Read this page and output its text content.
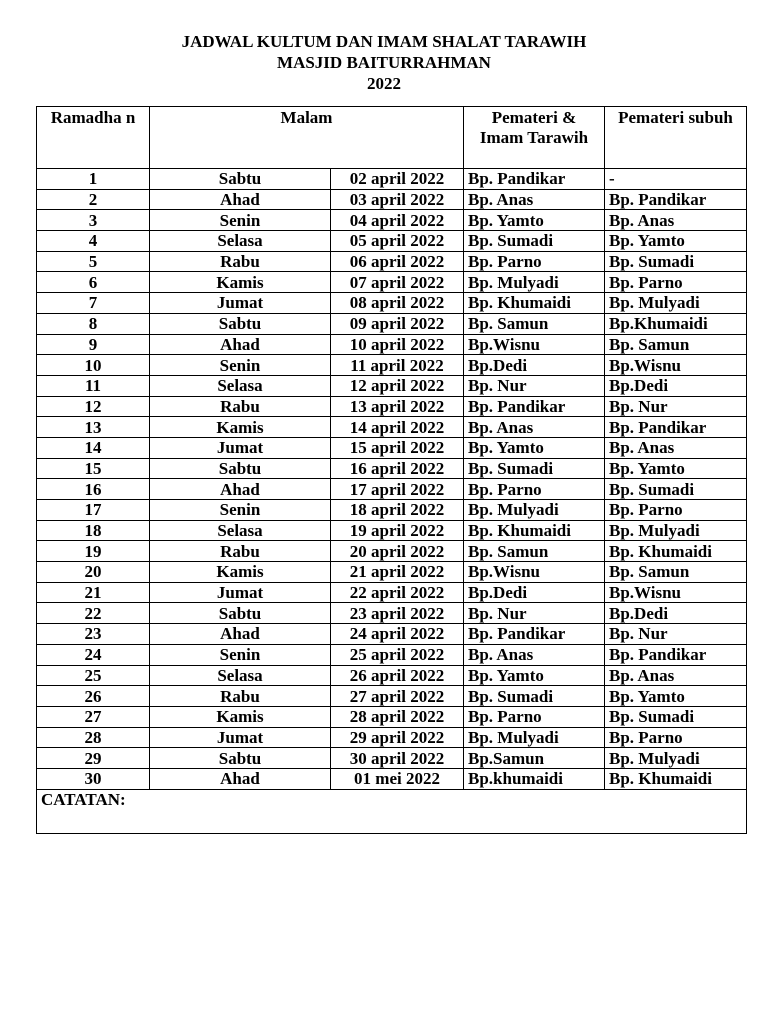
JADWAL KULTUM DAN IMAM SHALAT TARAWIH
MASJID BAITURRAHMAN
2022
Ramadha n	Malam		Pemateri & Imam Tarawih	Pemateri subuh
1	Sabtu	02 april 2022	Bp. Pandikar	-
2	Ahad	03 april 2022	Bp. Anas	Bp. Pandikar
3	Senin	04 april 2022	Bp. Yamto	Bp. Anas
4	Selasa	05 april 2022	Bp. Sumadi	Bp. Yamto
5	Rabu	06 april 2022	Bp. Parno	Bp. Sumadi
6	Kamis	07 april 2022	Bp. Mulyadi	Bp. Parno
7	Jumat	08 april 2022	Bp. Khumaidi	Bp. Mulyadi
8	Sabtu	09 april 2022	Bp. Samun	Bp.Khumaidi
9	Ahad	10 april 2022	Bp.Wisnu	Bp. Samun
10	Senin	11 april 2022	Bp.Dedi	Bp.Wisnu
11	Selasa	12 april 2022	Bp. Nur	Bp.Dedi
12	Rabu	13 april 2022	Bp. Pandikar	Bp. Nur
13	Kamis	14 april 2022	Bp. Anas	Bp. Pandikar
14	Jumat	15 april 2022	Bp. Yamto	Bp. Anas
15	Sabtu	16 april 2022	Bp. Sumadi	Bp. Yamto
16	Ahad	17 april 2022	Bp. Parno	Bp. Sumadi
17	Senin	18 april 2022	Bp. Mulyadi	Bp. Parno
18	Selasa	19 april 2022	Bp. Khumaidi	Bp. Mulyadi
19	Rabu	20 april 2022	Bp. Samun	Bp. Khumaidi
20	Kamis	21 april 2022	Bp.Wisnu	Bp. Samun
21	Jumat	22 april 2022	Bp.Dedi	Bp.Wisnu
22	Sabtu	23 april 2022	Bp. Nur	Bp.Dedi
23	Ahad	24 april 2022	Bp. Pandikar	Bp. Nur
24	Senin	25 april 2022	Bp. Anas	Bp. Pandikar
25	Selasa	26 april 2022	Bp. Yamto	Bp. Anas
26	Rabu	27 april 2022	Bp. Sumadi	Bp. Yamto
27	Kamis	28 april 2022	Bp. Parno	Bp. Sumadi
28	Jumat	29 april 2022	Bp. Mulyadi	Bp. Parno
29	Sabtu	30 april 2022	Bp.Samun	Bp. Mulyadi
30	Ahad	01 mei 2022	Bp.khumaidi	Bp. Khumaidi
CATATAN:				
